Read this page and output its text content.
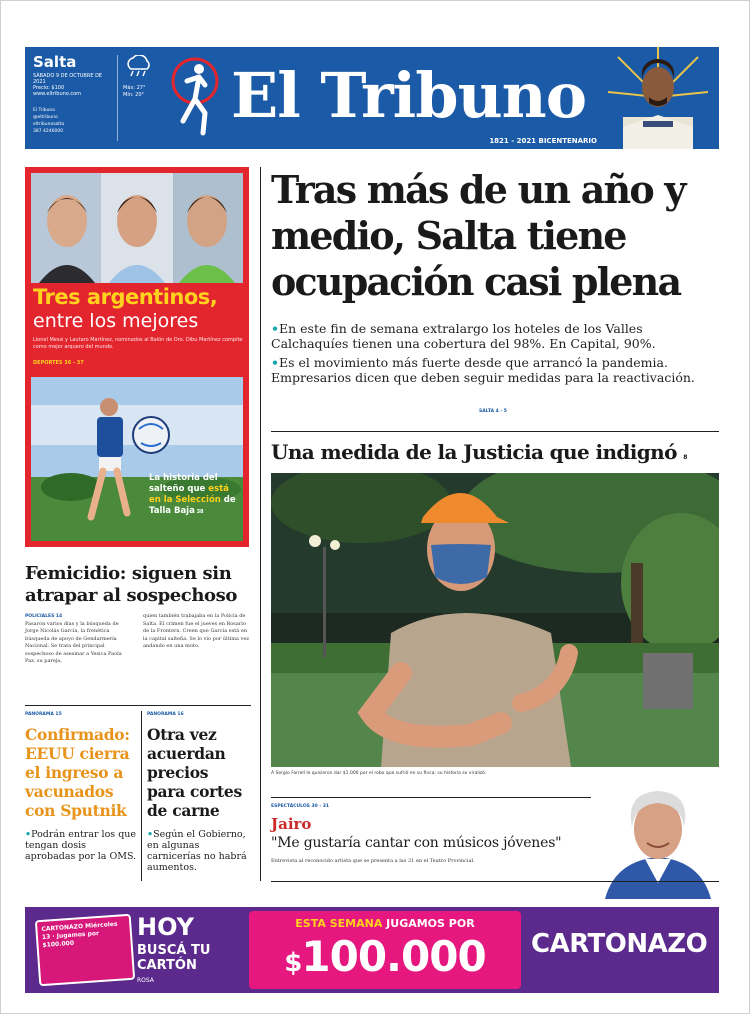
Salta
SÁBADO 9 DE OCTUBRE DE 2021
Precio: $100
www.eltribuno.com
El Tribuno
@eltribuno
eltribunosalta
387 4246000
Máx: 27°
Mín: 20° El Tribuno
1821 - 2021 BICENTENARIO
Tres argentinos,
entre los mejores
Lionel Messi y Lautaro Martínez, nominados al Balón de Oro. Dibu Martínez compite como mejor arquero del mundo.
DEPORTES 36 - 37
La historia del salteño que está en la Selección de Talla Baja 38
Femicidio: siguen sin atrapar al sospechoso
POLICIALES 14
Pasaron varios días y la búsqueda de Jorge Nicolás García, la frenética búsqueda de apoyo de Gendarmería Nacional. Se trata del principal sospechoso de asesinar a Yesica Paola Paz, su pareja,
quien también trabajaba en la Policía de Salta. El crimen fue el jueves en Rosario de la Frontera. Creen que García está en la capital salteña. Se lo vio por última vez andando en una moto.
PANORAMA 15
Confirmado: EEUU cierra el ingreso a vacunados con Sputnik
•Podrán entrar los que tengan dosis aprobadas por la OMS.
PANORAMA 16
Otra vez acuerdan precios para cortes de carne
•Según el Gobierno, en algunas carnicerías no habrá aumentos.
Tras más de un año y medio, Salta tiene ocupación casi plena

•En este fin de semana extralargo los hoteles de los Valles Calchaquíes tienen una cobertura del 98%. En Capital, 90%.

•Es el movimiento más fuerte desde que arrancó la pandemia. Empresarios dicen que deben seguir medidas para la reactivación.

SALTA 4 - 5
Una medida de la Justicia que indignó 8
A Sergio Farrell le quisieron dar $1.000 por el robo que sufrió en su finca; su historia se viralizó.
ESPECTÁCULOS 30 - 31
Jairo
"Me gustaría cantar con músicos jóvenes"
Entrevista al reconocido artista que se presenta a las 21 en el Teatro Provincial.
CARTONAZO Miércoles 13 · Jugamos por $100.000
HOY
BUSCÁ TU CARTÓN
ROSA
ESTA SEMANA JUGAMOS POR
$100.000	CARTONAZO
